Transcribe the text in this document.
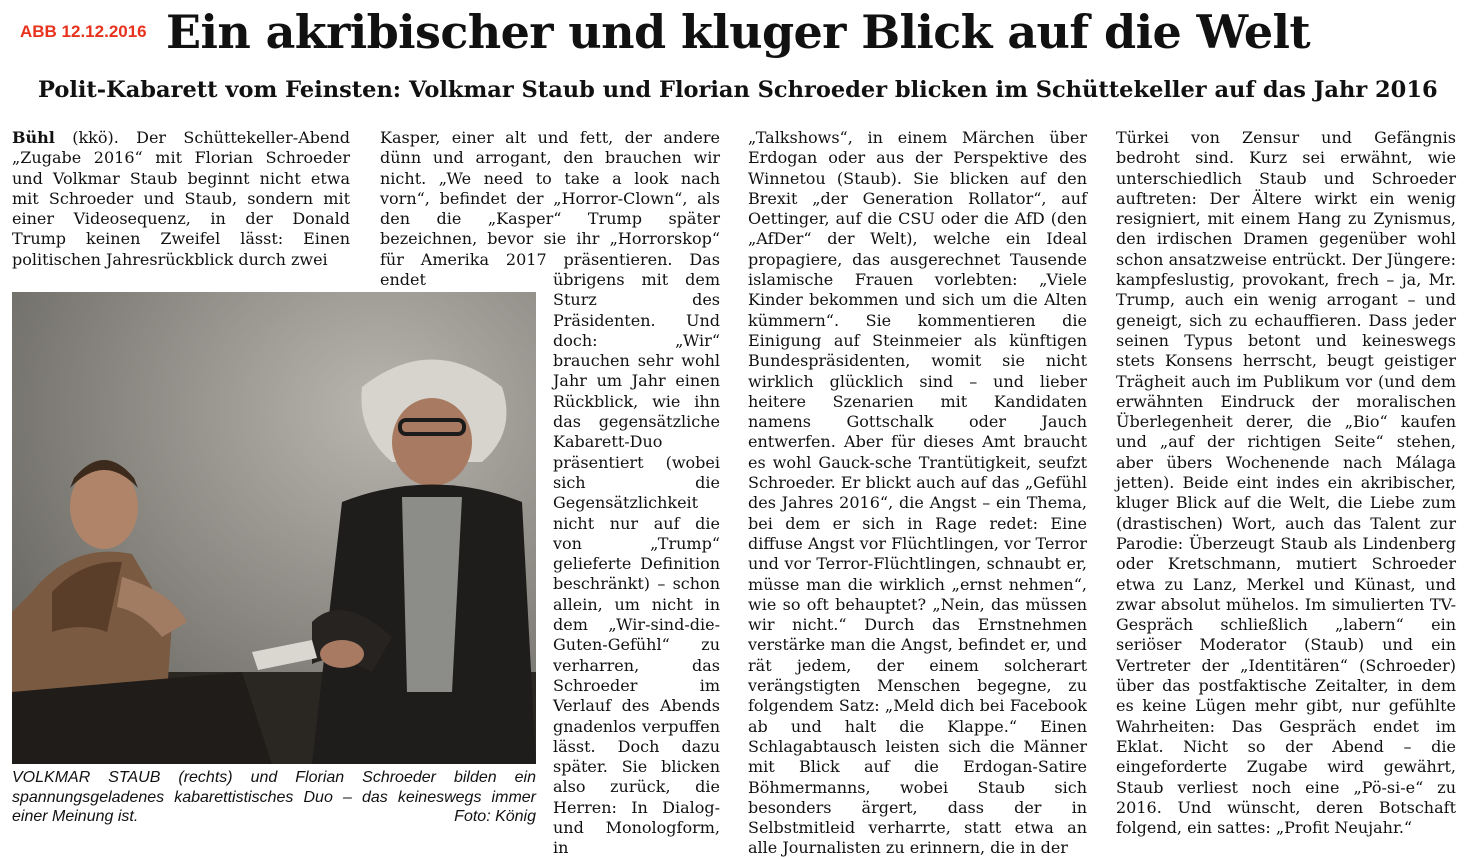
ABB 12.12.2016 Ein akribischer und kluger Blick auf die Welt
Polit-Kabarett vom Feinsten: Volkmar Staub und Florian Schroeder blicken im Schüttekeller auf das Jahr 2016

Bühl (kkö). Der Schüttekeller-Abend „Zugabe 2016“ mit Florian Schroeder und Volkmar Staub beginnt nicht etwa mit Schroeder und Staub, sondern mit einer Videosequenz, in der Donald Trump keinen Zweifel lässt: Einen politischen Jahresrückblick durch zwei

VOLKMAR STAUB (rechts) und Florian Schroeder bilden ein spannungsgeladenes kabarettistisches Duo – das keineswegs immer einer Meinung ist.	Foto: König

Kasper, einer alt und fett, der andere dünn und arrogant, den brauchen wir nicht. „We need to take a look nach vorn“, befindet der „Horror-Clown“, als den die „Kasper“ Trump später bezeichnen, bevor sie ihr „Horrorskop“ für Amerika 2017 präsentieren. Das endet	übrigens mit dem Sturz des Präsidenten. Und doch: „Wir“ brauchen sehr wohl Jahr um Jahr einen Rückblick, wie ihn das gegensätzliche Kabarett-Duo präsentiert (wobei sich die Gegensätzlichkeit nicht nur auf die von „Trump“ gelieferte Definition beschränkt) – schon allein, um nicht in dem „Wir-sind-die-Guten-Gefühl“ zu verharren, das Schroeder im Verlauf des Abends gnadenlos verpuffen lässt. Doch dazu später. Sie blicken also zurück, die Herren: In Dialog- und Monologform, in

„Talkshows“, in einem Märchen über Erdogan oder aus der Perspektive des Winnetou (Staub). Sie blicken auf den Brexit „der Generation Rollator“, auf Oettinger, auf die CSU oder die AfD (den „AfDer“ der Welt), welche ein Ideal propagiere, das ausgerechnet Tausende islamische Frauen vorlebten: „Viele Kinder bekommen und sich um die Alten kümmern“. Sie kommentieren die Einigung auf Steinmeier als künftigen Bundespräsidenten, womit sie nicht wirklich glücklich sind – und lieber heitere Szenarien mit Kandidaten namens Gottschalk oder Jauch entwerfen. Aber für dieses Amt braucht es wohl Gauck-sche Trantütigkeit, seufzt Schroeder. Er blickt auch auf das „Gefühl des Jahres 2016“, die Angst – ein Thema, bei dem er sich in Rage redet: Eine diffuse Angst vor Flüchtlingen, vor Terror und vor Terror-Flüchtlingen, schnaubt er, müsse man die wirklich „ernst nehmen“, wie so oft behauptet? „Nein, das müssen wir nicht.“ Durch das Ernstnehmen verstärke man die Angst, befindet er, und rät jedem, der einem solcherart verängstigten Menschen begegne, zu folgendem Satz: „Meld dich bei Facebook ab und halt die Klappe.“ Einen Schlagabtausch leisten sich die Männer mit Blick auf die Erdogan-Satire Böhmermanns, wobei Staub sich besonders ärgert, dass der in Selbstmitleid verharrte, statt etwa an alle Journalisten zu erinnern, die in der

Türkei von Zensur und Gefängnis bedroht sind. Kurz sei erwähnt, wie unterschiedlich Staub und Schroeder auftreten: Der Ältere wirkt ein wenig resigniert, mit einem Hang zu Zynismus, den irdischen Dramen gegenüber wohl schon ansatzweise entrückt. Der Jüngere: kampfeslustig, provokant, frech – ja, Mr. Trump, auch ein wenig arrogant – und geneigt, sich zu echauffieren. Dass jeder seinen Typus betont und keineswegs stets Konsens herrscht, beugt geistiger Trägheit auch im Publikum vor (und dem erwähnten Eindruck der moralischen Überlegenheit derer, die „Bio“ kaufen und „auf der richtigen Seite“ stehen, aber übers Wochenende nach Málaga jetten). Beide eint indes ein akribischer, kluger Blick auf die Welt, die Liebe zum (drastischen) Wort, auch das Talent zur Parodie: Überzeugt Staub als Lindenberg oder Kretschmann, mutiert Schroeder etwa zu Lanz, Merkel und Künast, und zwar absolut mühelos. Im simulierten TV-Gespräch schließlich „labern“ ein seriöser Moderator (Staub) und ein Vertreter der „Identitären“ (Schroeder) über das postfaktische Zeitalter, in dem es keine Lügen mehr gibt, nur gefühlte Wahrheiten: Das Gespräch endet im Eklat. Nicht so der Abend – die eingeforderte Zugabe wird gewährt, Staub verliest noch eine „Pö-si-e“ zu 2016. Und wünscht, deren Botschaft folgend, ein sattes: „Profit Neujahr.“
